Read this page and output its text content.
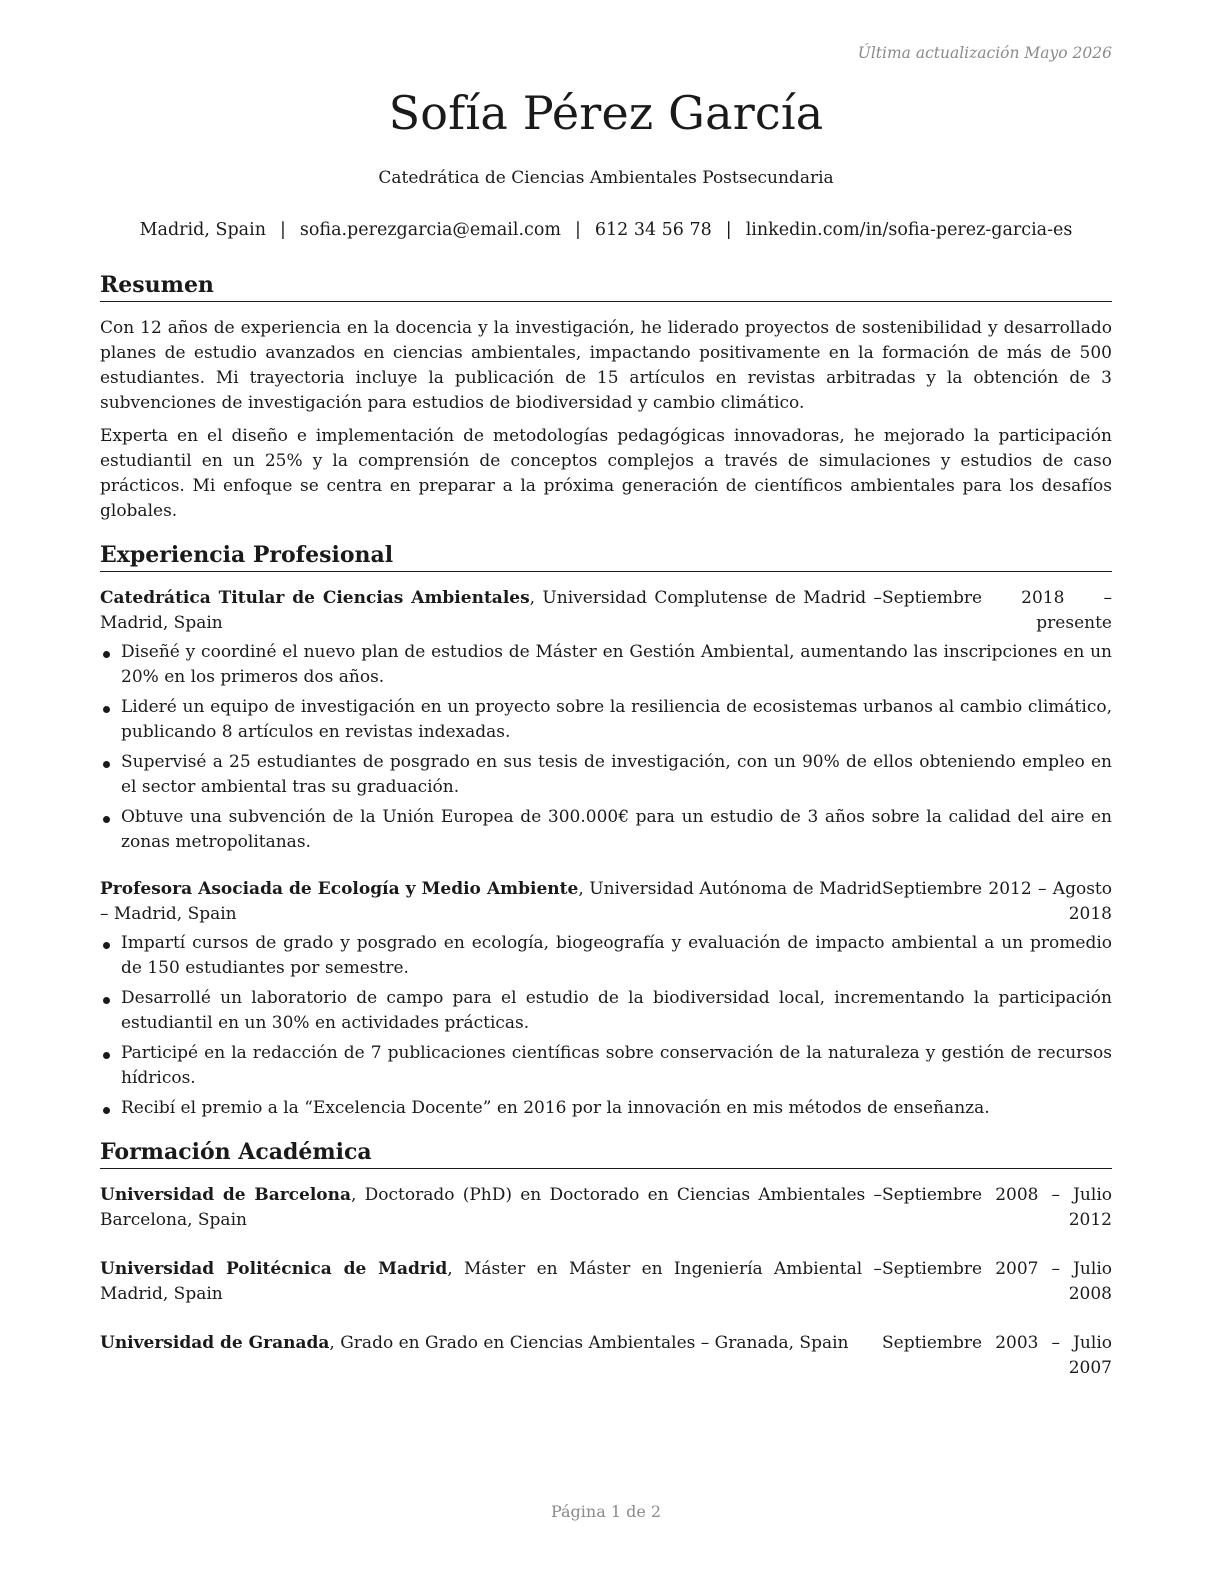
Última actualización Mayo 2026
Sofía Pérez García
Catedrática de Ciencias Ambientales Postsecundaria
Madrid, Spain | sofia.perezgarcia@email.com | 612 34 56 78 | linkedin.com/in/sofia-perez-garcia-es
Resumen

Con 12 años de experiencia en la docencia y la investigación, he liderado proyectos de sostenibilidad y desarrollado planes de estudio avanzados en ciencias ambientales, impactando positivamente en la formación de más de 500 estudiantes. Mi trayectoria incluye la publicación de 15 artículos en revistas arbitradas y la obtención de 3 subvenciones de investigación para estudios de biodiversidad y cambio climático.

Experta en el diseño e implementación de metodologías pedagógicas innovadoras, he mejorado la participación estudiantil en un 25% y la comprensión de conceptos complejos a través de simulaciones y estudios de caso prácticos. Mi enfoque se centra en preparar a la próxima generación de científicos ambientales para los desafíos globales.

Experiencia Profesional
Catedrática Titular de Ciencias Ambientales, Universidad Complutense de Madrid – Madrid, Spain
Septiembre 2018 – presente
Diseñé y coordiné el nuevo plan de estudios de Máster en Gestión Ambiental, aumentando las inscripciones en un 20% en los primeros dos años.
Lideré un equipo de investigación en un proyecto sobre la resiliencia de ecosistemas urbanos al cambio climático, publicando 8 artículos en revistas indexadas.
Supervisé a 25 estudiantes de posgrado en sus tesis de investigación, con un 90% de ellos obteniendo empleo en el sector ambiental tras su graduación.
Obtuve una subvención de la Unión Europea de 300.000€ para un estudio de 3 años sobre la calidad del aire en zonas metropolitanas.
Profesora Asociada de Ecología y Medio Ambiente, Universidad Autónoma de Madrid – Madrid, Spain
Septiembre 2012 – Agosto 2018
Impartí cursos de grado y posgrado en ecología, biogeografía y evaluación de impacto ambiental a un promedio de 150 estudiantes por semestre.
Desarrollé un laboratorio de campo para el estudio de la biodiversidad local, incrementando la participación estudiantil en un 30% en actividades prácticas.
Participé en la redacción de 7 publicaciones científicas sobre conservación de la naturaleza y gestión de recursos hídricos.
Recibí el premio a la “Excelencia Docente” en 2016 por la innovación en mis métodos de enseñanza.
Formación Académica
Universidad de Barcelona, Doctorado (PhD) en Doctorado en Ciencias Ambientales – Barcelona, Spain
Septiembre 2008 – Julio 2012
Universidad Politécnica de Madrid, Máster en Máster en Ingeniería Ambiental – Madrid, Spain
Septiembre 2007 – Julio 2008
Universidad de Granada, Grado en Grado en Ciencias Ambientales – Granada, Spain	Septiembre 2003 – Julio 2007
Página 1 de 2
